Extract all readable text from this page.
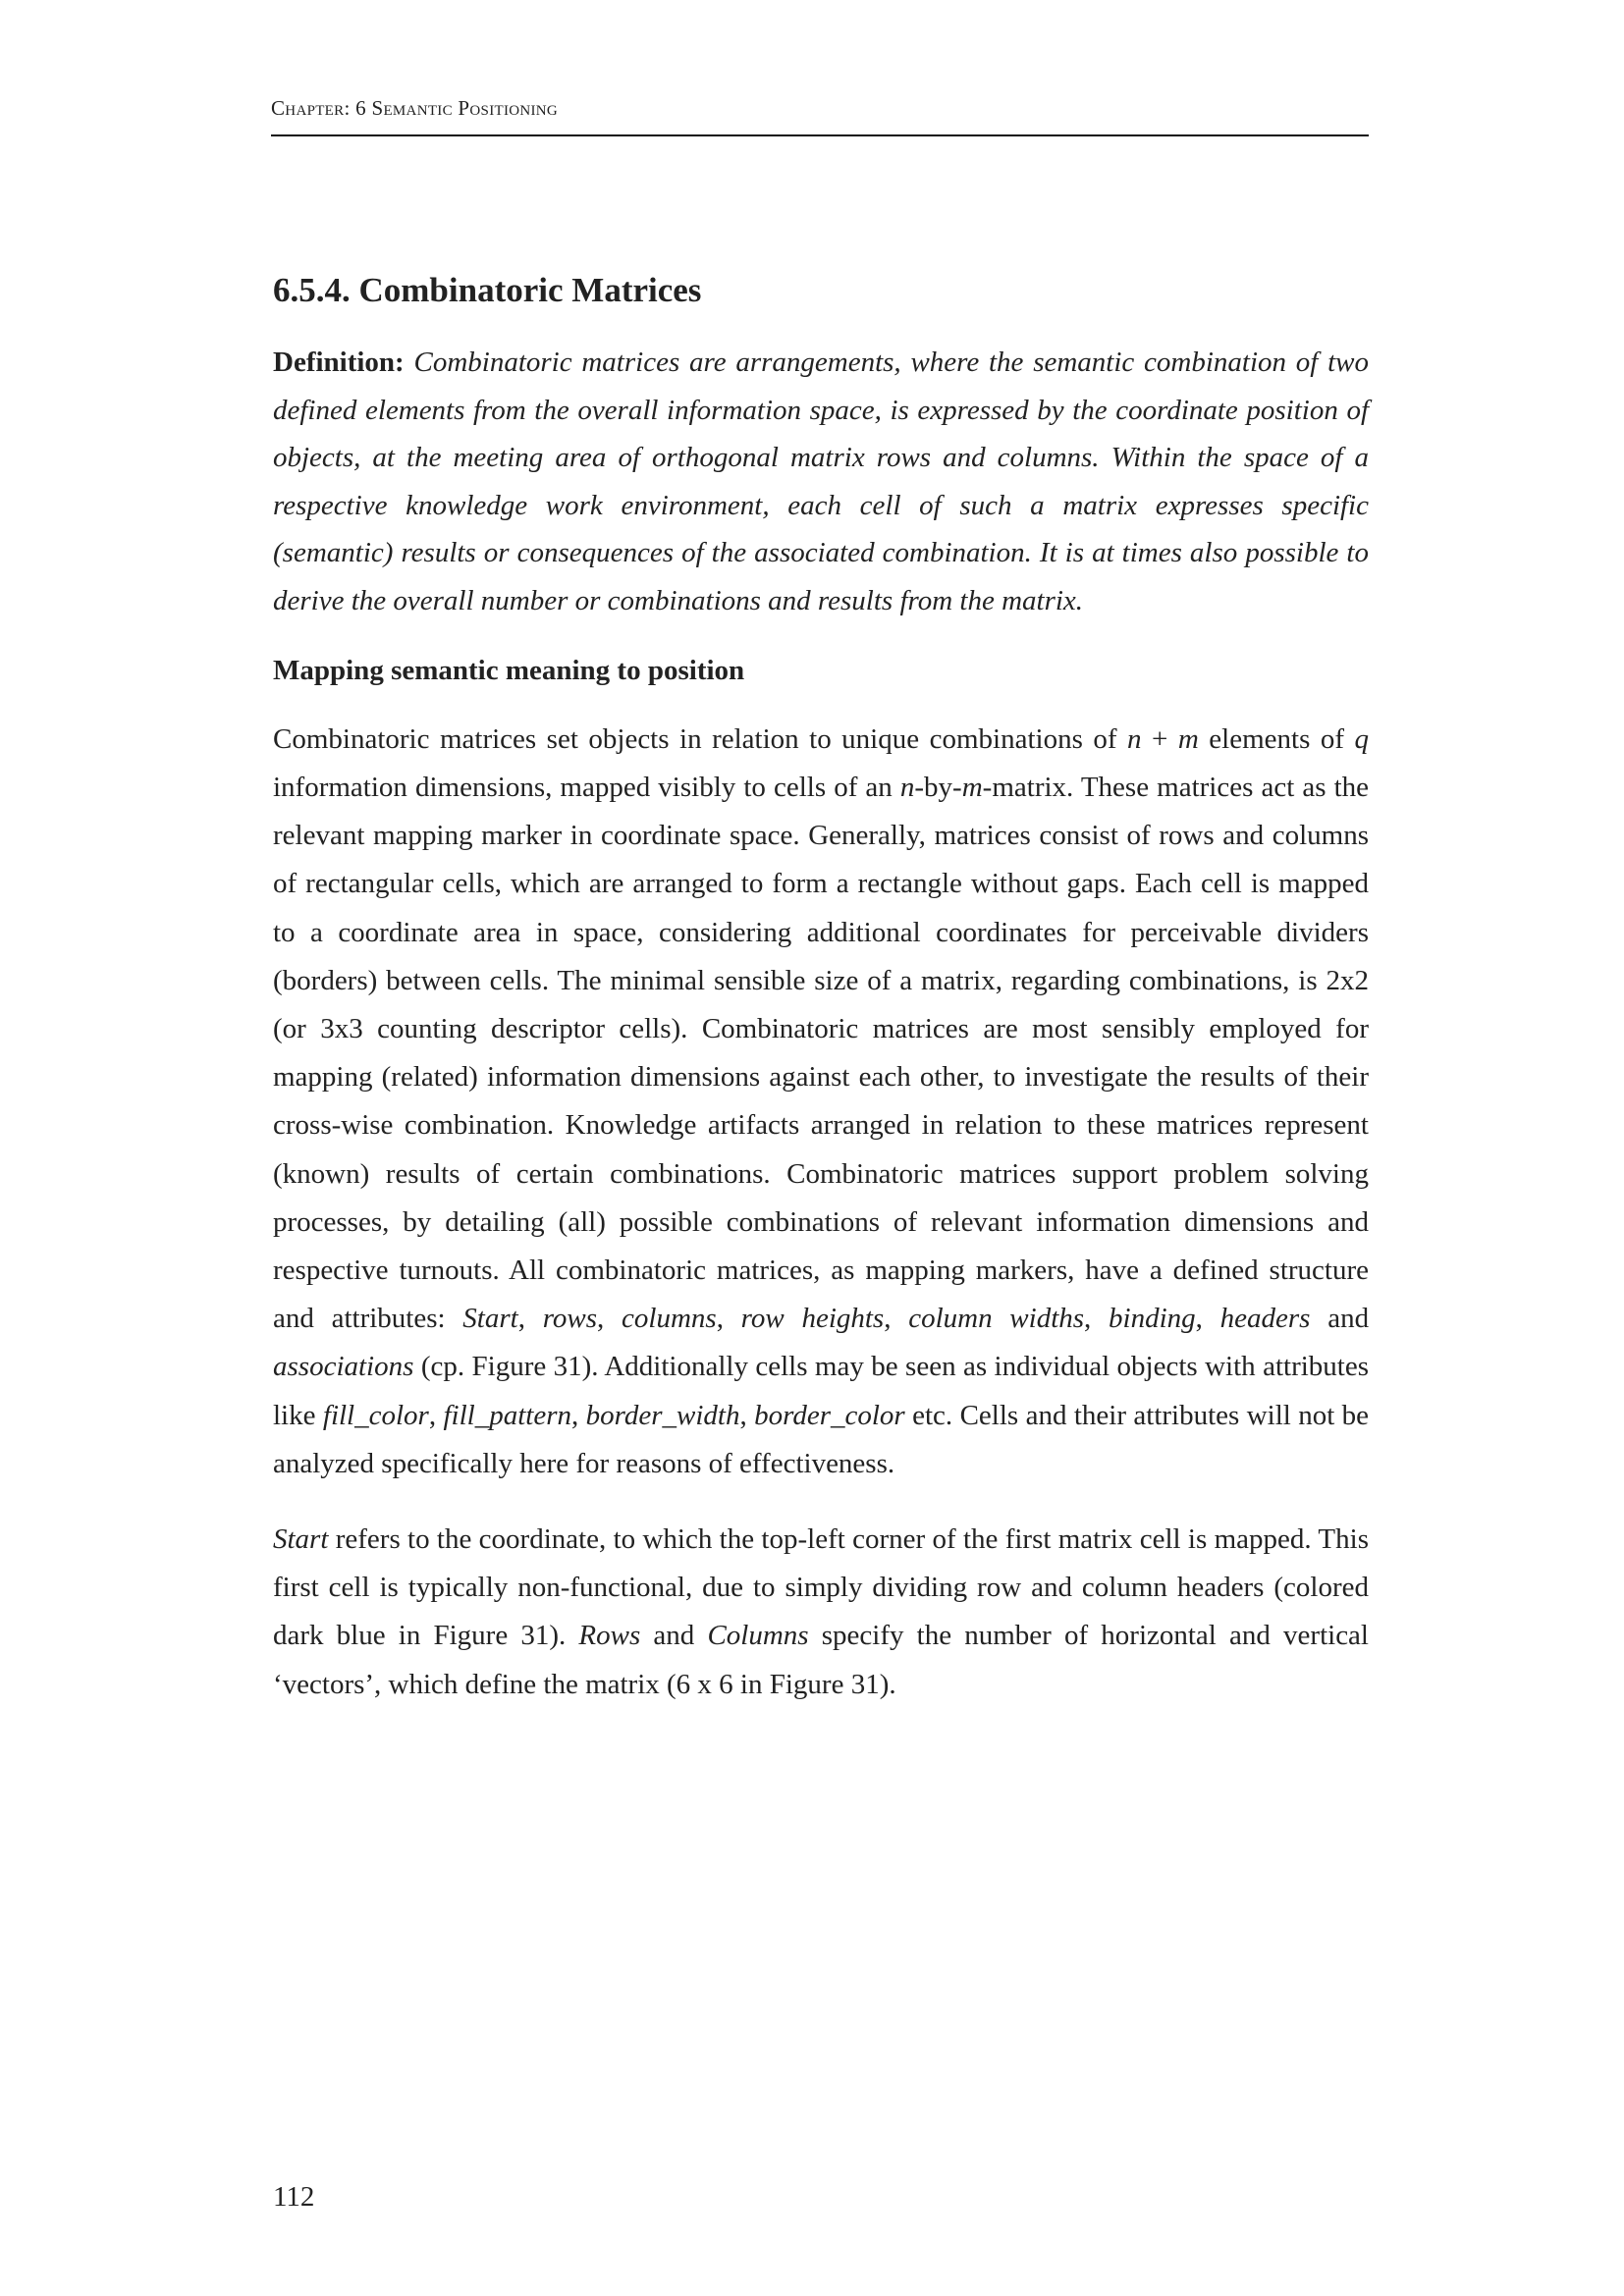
Chapter: 6 Semantic Positioning
6.5.4. Combinatoric Matrices

Definition: Combinatoric matrices are arrangements, where the semantic combination of two defined elements from the overall information space, is expressed by the coordinate position of objects, at the meeting area of orthogonal matrix rows and columns. Within the space of a respective knowledge work environment, each cell of such a matrix expresses specific (semantic) results or consequences of the associated combination. It is at times also possible to derive the overall number or combinations and results from the matrix.

Mapping semantic meaning to position

Combinatoric matrices set objects in relation to unique combinations of n + m elements of q information dimensions, mapped visibly to cells of an n-by-m-matrix. These matrices act as the relevant mapping marker in coordinate space. Generally, matrices consist of rows and columns of rectangular cells, which are arranged to form a rectangle without gaps. Each cell is mapped to a coordinate area in space, considering additional coordinates for perceivable dividers (borders) between cells. The minimal sensible size of a matrix, regarding combinations, is 2x2 (or 3x3 counting descriptor cells). Combinatoric matrices are most sensibly employed for mapping (related) information dimensions against each other, to investigate the results of their cross-wise combination. Knowledge artifacts arranged in relation to these matrices represent (known) results of certain combinations. Combinatoric matrices support problem solving processes, by detailing (all) possible combinations of relevant information dimensions and respective turnouts. All combinatoric matrices, as mapping markers, have a defined structure and attributes: Start, rows, columns, row heights, column widths, binding, headers and associations (cp. Figure 31). Additionally cells may be seen as individual objects with attributes like fill_color, fill_pattern, border_width, border_color etc. Cells and their attributes will not be analyzed specifically here for reasons of effectiveness.

Start refers to the coordinate, to which the top-left corner of the first matrix cell is mapped. This first cell is typically non-functional, due to simply dividing row and column headers (colored dark blue in Figure 31). Rows and Columns specify the number of horizontal and vertical ‘vectors’, which define the matrix (6 x 6 in Figure 31).

112
